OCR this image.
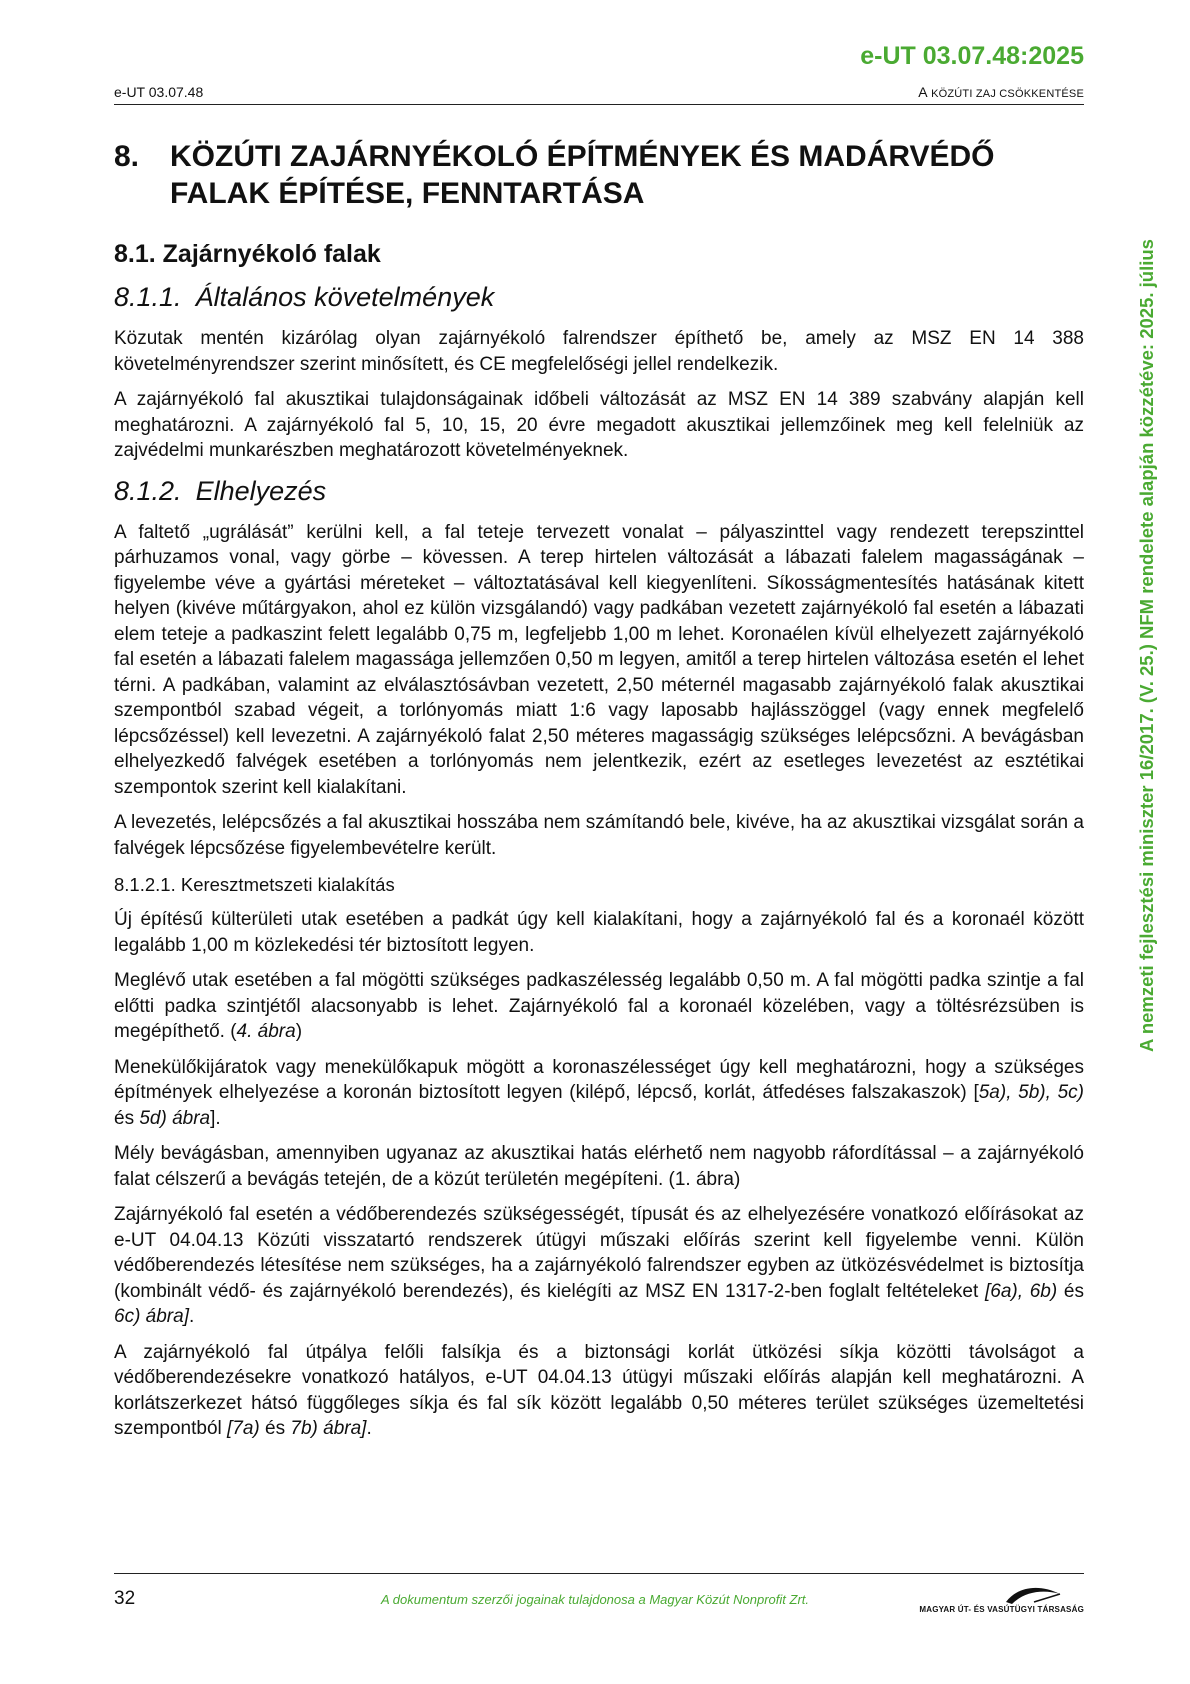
e-UT 03.07.48:2025
e-UT 03.07.48	A KÖZÚTI ZAJ CSÖKKENTÉSE
A nemzeti fejlesztési miniszter 16/2017. (V. 25.) NFM rendelete alapján közzétéve: 2025. július
8.	KÖZÚTI ZAJÁRNYÉKOLÓ ÉPÍTMÉNYEK ÉS MADÁRVÉDŐ FALAK ÉPÍTÉSE, FENNTARTÁSA
8.1. Zajárnyékoló falak
8.1.1. Általános követelmények

Közutak mentén kizárólag olyan zajárnyékoló falrendszer építhető be, amely az MSZ EN 14 388 követelményrendszer szerint minősített, és CE megfelelőségi jellel rendelkezik.

A zajárnyékoló fal akusztikai tulajdonságainak időbeli változását az MSZ EN 14 389 szabvány alapján kell meghatározni. A zajárnyékoló fal 5, 10, 15, 20 évre megadott akusztikai jellemzőinek meg kell felelniük az zajvédelmi munkarészben meghatározott követelményeknek.

8.1.2. Elhelyezés

A faltető „ugrálását” kerülni kell, a fal teteje tervezett vonalat – pályaszinttel vagy rendezett terepszinttel párhuzamos vonal, vagy görbe – kövessen. A terep hirtelen változását a lábazati falelem magasságának – figyelembe véve a gyártási méreteket – változtatásával kell kiegyenlíteni. Síkosságmentesítés hatásának kitett helyen (kivéve műtárgyakon, ahol ez külön vizsgálandó) vagy padkában vezetett zajárnyékoló fal esetén a lábazati elem teteje a padkaszint felett legalább 0,75 m, legfeljebb 1,00 m lehet. Koronaélen kívül elhelyezett zajárnyékoló fal esetén a lábazati falelem magassága jellemzően 0,50 m legyen, amitől a terep hirtelen változása esetén el lehet térni. A padkában, valamint az elválasztósávban vezetett, 2,50 méternél magasabb zajárnyékoló falak akusztikai szempontból szabad végeit, a torlónyomás miatt 1:6 vagy laposabb hajlásszöggel (vagy ennek megfelelő lépcsőzéssel) kell levezetni. A zajárnyékoló falat 2,50 méteres magasságig szükséges lelépcsőzni. A bevágásban elhelyezkedő falvégek esetében a torlónyomás nem jelentkezik, ezért az esetleges levezetést az esztétikai szempontok szerint kell kialakítani.

A levezetés, lelépcsőzés a fal akusztikai hosszába nem számítandó bele, kivéve, ha az akusztikai vizsgálat során a falvégek lépcsőzése figyelembevételre került.

8.1.2.1. Keresztmetszeti kialakítás

Új építésű külterületi utak esetében a padkát úgy kell kialakítani, hogy a zajárnyékoló fal és a koronaél között legalább 1,00 m közlekedési tér biztosított legyen.

Meglévő utak esetében a fal mögötti szükséges padkaszélesség legalább 0,50 m. A fal mögötti padka szintje a fal előtti padka szintjétől alacsonyabb is lehet. Zajárnyékoló fal a koronaél közelében, vagy a töltésrézsüben is megépíthető. (4. ábra)

Menekülőkijáratok vagy menekülőkapuk mögött a koronaszélességet úgy kell meghatározni, hogy a szükséges építmények elhelyezése a koronán biztosított legyen (kilépő, lépcső, korlát, átfedéses falszakaszok) [5a), 5b), 5c) és 5d) ábra].

Mély bevágásban, amennyiben ugyanaz az akusztikai hatás elérhető nem nagyobb ráfordítással – a zajárnyékoló falat célszerű a bevágás tetején, de a közút területén megépíteni. (1. ábra)

Zajárnyékoló fal esetén a védőberendezés szükségességét, típusát és az elhelyezésére vonatkozó előírásokat az e-UT 04.04.13 Közúti visszatartó rendszerek útügyi műszaki előírás szerint kell figyelembe venni. Külön védőberendezés létesítése nem szükséges, ha a zajárnyékoló falrendszer egyben az ütközésvédelmet is biztosítja (kombinált védő- és zajárnyékoló berendezés), és kielégíti az MSZ EN 1317-2-ben foglalt feltételeket [6a), 6b) és 6c) ábra].

A zajárnyékoló fal útpálya felőli falsíkja és a biztonsági korlát ütközési síkja közötti távolságot a védőberendezésekre vonatkozó hatályos, e-UT 04.04.13 útügyi műszaki előírás alapján kell meghatározni. A korlátszerkezet hátsó függőleges síkja és fal sík között legalább 0,50 méteres terület szükséges üzemeltetési szempontból [7a) és 7b) ábra].

32	A dokumentum szerzői jogainak tulajdonosa a Magyar Közút Nonprofit Zrt.
MAGYAR ÚT- ÉS VASÚTÜGYI TÁRSASÁG
